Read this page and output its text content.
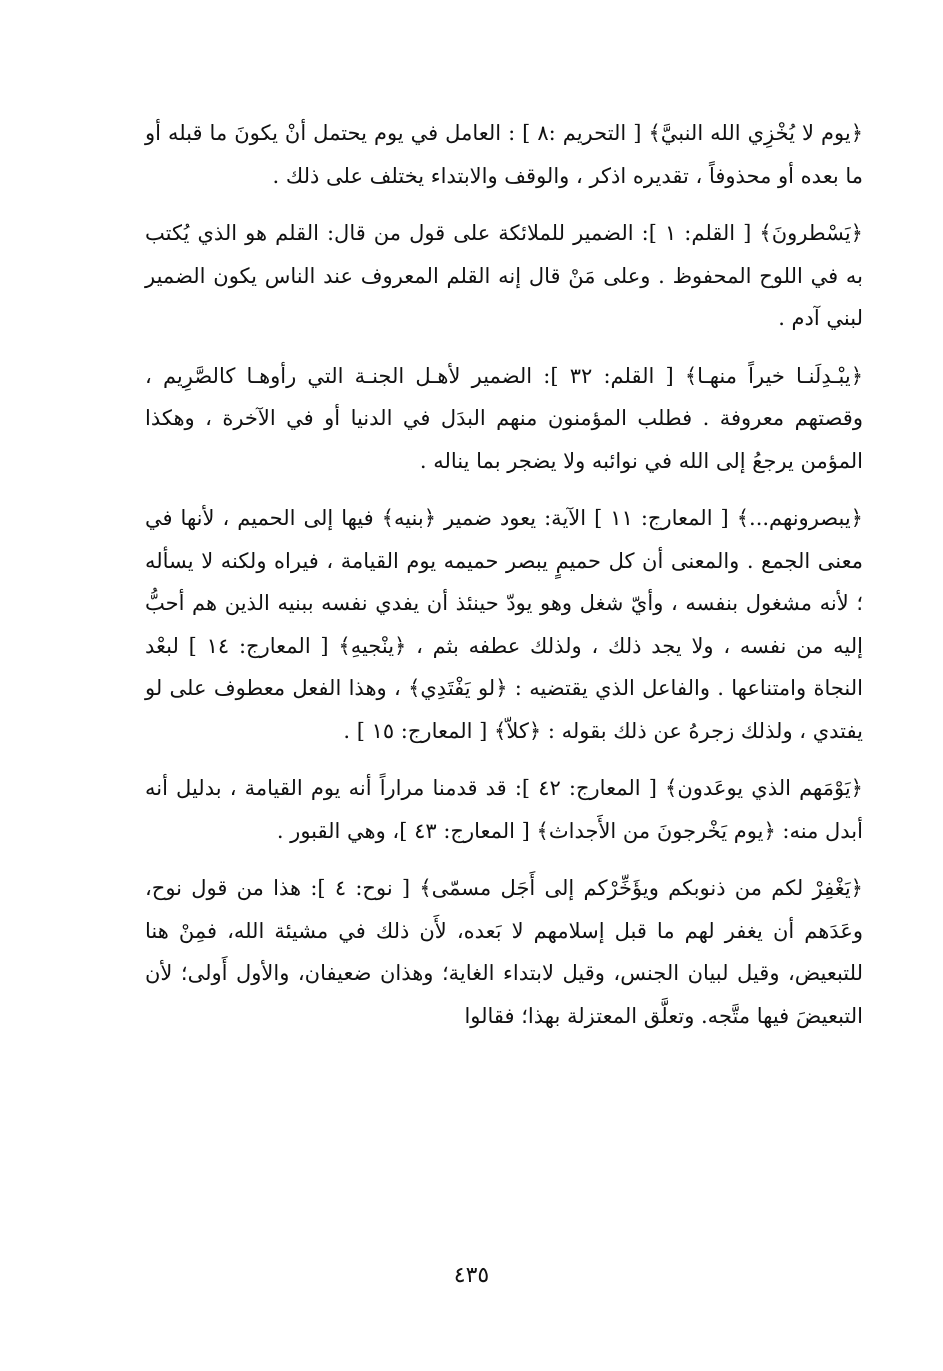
﴿يوم لا يُخْزِي الله النبيَّ﴾ [ التحريم :٨ ] : العامل في يوم يحتمل أنْ يكونَ ما قبله أو ما بعده أو محذوفاً ، تقديره اذكر ، والوقف والابتداء يختلف على ذلك .

﴿يَسْطرونَ﴾ [ القلم: ١ ]: الضمير للملائكة على قول من قال: القلم هو الذي يُكتب به في اللوح المحفوظ . وعلى مَنْ قال إنه القلم المعروف عند الناس يكون الضمير لبني آدم .

﴿يبْـدِلَنـا خيراً منهـا﴾ [ القلم: ٣٢ ]: الضمير لأهـل الجنـة التي رأوهـا كالصَّرِيم ، وقصتهم معروفة . فطلب المؤمنون منهم البدَل في الدنيا أو في الآخرة ، وهكذا المؤمن يرجعُ إلى الله في نوائبه ولا يضجر بما يناله .

﴿يبصرونهم...﴾ [ المعارج: ١١ ] الآية: يعود ضمير ﴿بنيه﴾ فيها إلى الحميم ، لأنها في معنى الجمع . والمعنى أن كل حميمٍ يبصر حميمه يوم القيامة ، فيراه ولكنه لا يسأله ؛ لأنه مشغول بنفسه ، وأيّ شغل وهو يودّ حينئذ أن يفدي نفسه ببنيه الذين هم أحبُّ إليه من نفسه ، ولا يجد ذلك ، ولذلك عطفه بثم ، ﴿ينْجيهِ﴾ [ المعارج: ١٤ ] لبعْد النجاة وامتناعها . والفاعل الذي يقتضيه : ﴿لو يَفْتَدِي﴾ ، وهذا الفعل معطوف على لو يفتدي ، ولذلك زجرهُ عن ذلك بقوله : ﴿كلاّ﴾ [ المعارج: ١٥ ] .

﴿يَوْمَهم الذي يوعَدون﴾ [ المعارج: ٤٢ ]: قد قدمنا مراراً أنه يوم القيامة ، بدليل أنه أبدل منه: ﴿يوم يَخْرجونَ من الأَجداث﴾ [ المعارج: ٤٣ ]، وهي القبور .

﴿يَغْفِرْ لكم من ذنوبكم ويؤَخِّرْكم إلى أَجَل مسمّى﴾ [ نوح: ٤ ]: هذا من قول نوح، وعَدَهم أن يغفر لهم ما قبل إسلامهم لا بَعده، لأَن ذلك في مشيئة الله، فمِنْ هنا للتبعيض، وقيل لبيان الجنس، وقيل لابتداء الغاية؛ وهذان ضعيفان، والأول أَولى؛ لأن التبعيضَ فيها متَّجه. وتعلَّق المعتزلة بهذا؛ فقالوا

٤٣٥
